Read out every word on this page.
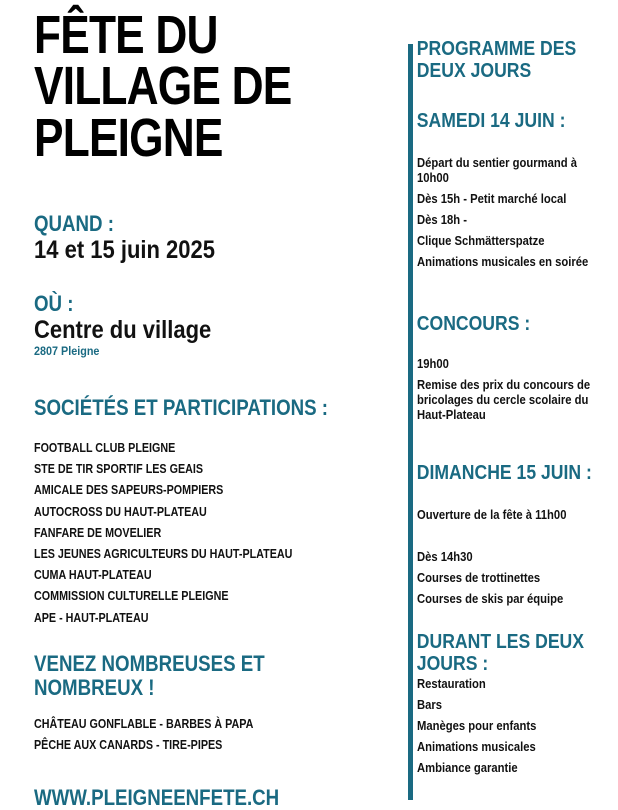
FÊTE DU
VILLAGE DE
PLEIGNE

QUAND :

14 et 15 juin 2025

OÙ :

Centre du village

2807 Pleigne

SOCIÉTÉS ET PARTICIPATIONS :

FOOTBALL CLUB PLEIGNE
STE DE TIR SPORTIF LES GEAIS
AMICALE DES SAPEURS-POMPIERS
AUTOCROSS DU HAUT-PLATEAU
FANFARE DE MOVELIER
LES JEUNES AGRICULTEURS DU HAUT-PLATEAU
CUMA HAUT-PLATEAU
COMMISSION CULTURELLE PLEIGNE
APE - HAUT-PLATEAU

VENEZ NOMBREUSES ET

NOMBREUX !

CHÂTEAU GONFLABLE - BARBES À PAPA
PÊCHE AUX CANARDS - TIRE-PIPES

WWW.PLEIGNEENFETE.CH

PROGRAMME DES

DEUX JOURS

SAMEDI 14 JUIN :

Départ du sentier gourmand à 10h00
Dès 15h - Petit marché local
Dès 18h -
Clique Schmätterspatze
Animations musicales en soirée

CONCOURS :

19h00
Remise des prix du concours de bricolages du cercle scolaire du Haut-Plateau

DIMANCHE 15 JUIN :

Ouverture de la fête à 11h00
Dès 14h30
Courses de trottinettes
Courses de skis par équipe

DURANT LES DEUX

JOURS :

Restauration
Bars
Manèges pour enfants
Animations musicales
Ambiance garantie
